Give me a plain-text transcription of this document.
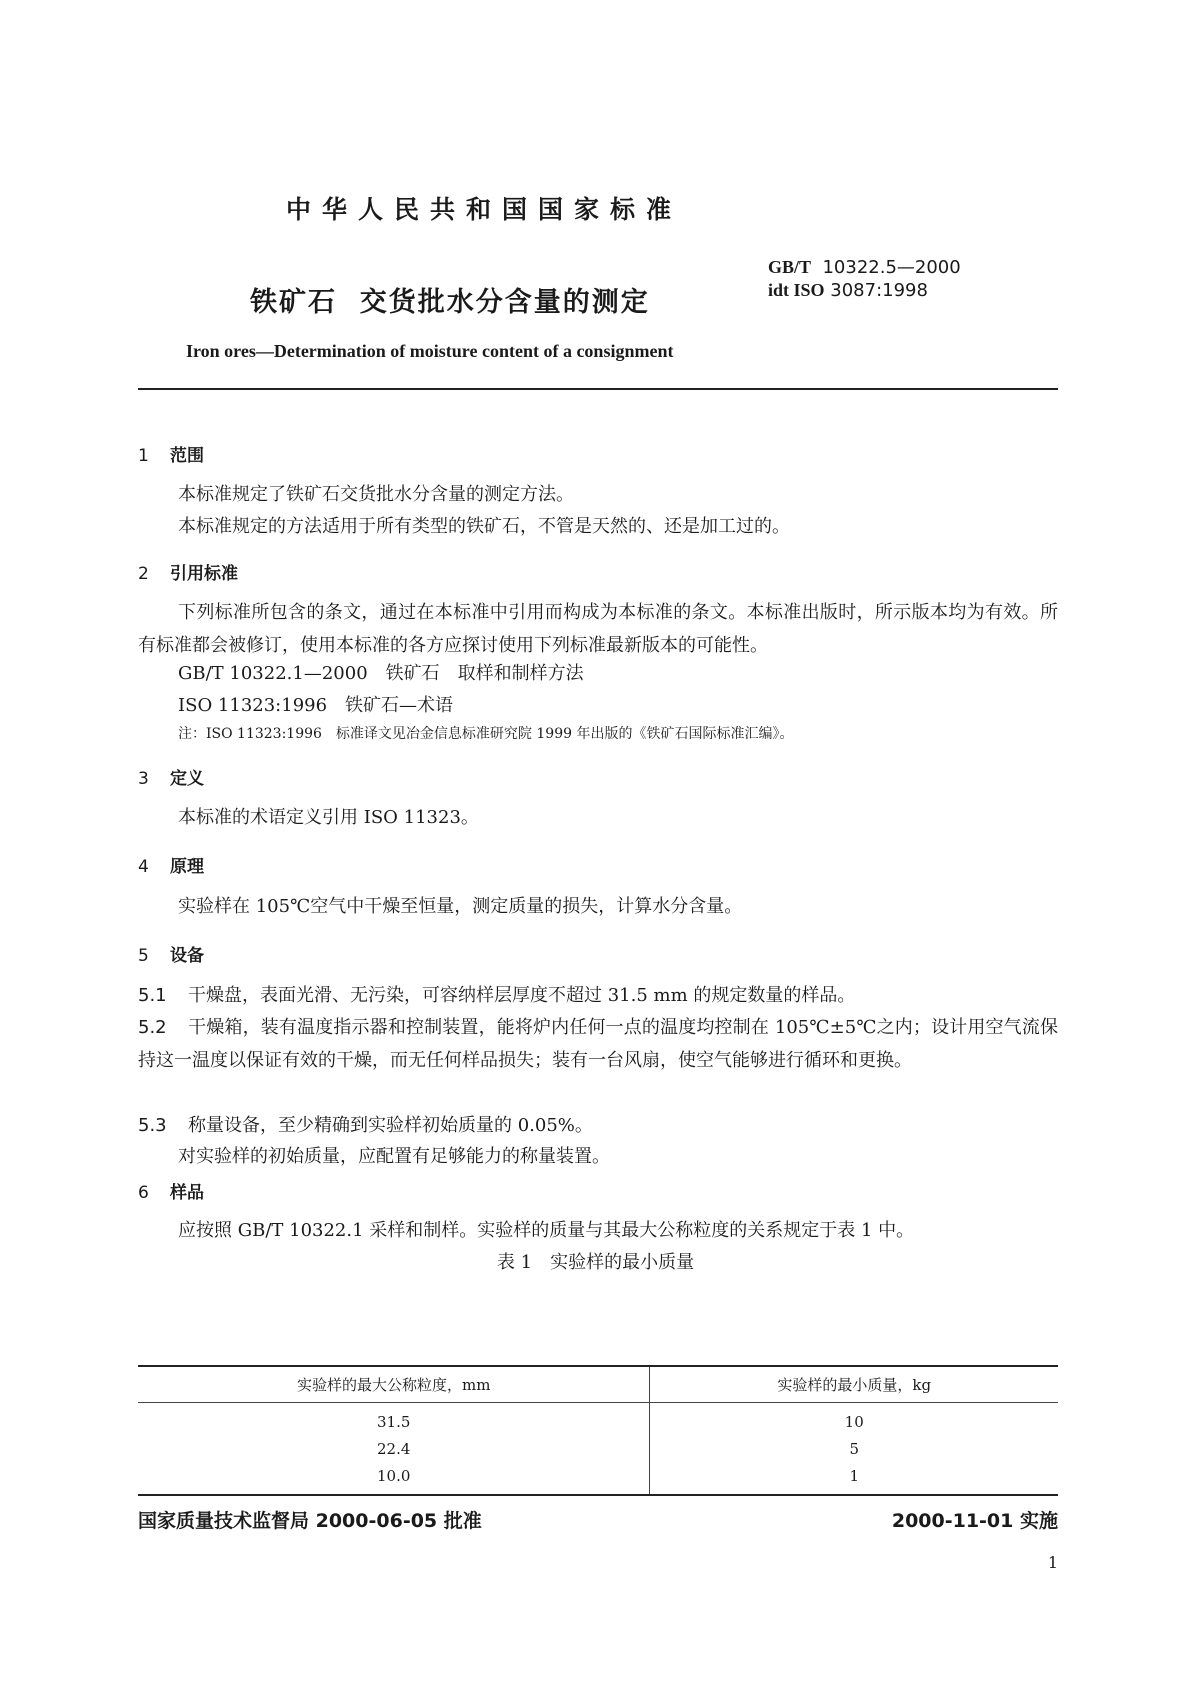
中华人民共和国国家标准
铁矿石  交货批水分含量的测定
GB/T 10322.5—2000
idt ISO 3087:1998
Iron ores—Determination of moisture content of a consignment
1 范围
本标准规定了铁矿石交货批水分含量的测定方法。
本标准规定的方法适用于所有类型的铁矿石，不管是天然的、还是加工过的。
2 引用标准
下列标准所包含的条文，通过在本标准中引用而构成为本标准的条文。本标准出版时，所示版本均为有效。所有标准都会被修订，使用本标准的各方应探讨使用下列标准最新版本的可能性。
GB/T 10322.1—2000　铁矿石　取样和制样方法
ISO 11323:1996　铁矿石—术语
注：ISO 11323:1996　标准译文见冶金信息标准研究院 1999 年出版的《铁矿石国际标准汇编》。
3 定义
本标准的术语定义引用 ISO 11323。
4 原理
实验样在 105℃空气中干燥至恒量，测定质量的损失，计算水分含量。
5 设备
5.1 干燥盘，表面光滑、无污染，可容纳样层厚度不超过 31.5 mm 的规定数量的样品。
5.2 干燥箱，装有温度指示器和控制装置，能将炉内任何一点的温度均控制在 105℃±5℃之内；设计用空气流保持这一温度以保证有效的干燥，而无任何样品损失；装有一台风扇，使空气能够进行循环和更换。
5.3 称量设备，至少精确到实验样初始质量的 0.05%。
对实验样的初始质量，应配置有足够能力的称量装置。
6 样品
应按照 GB/T 10322.1 采样和制样。实验样的质量与其最大公称粒度的关系规定于表 1 中。
表 1　实验样的最小质量
实验样的最大公称粒度，mm	实验样的最小质量，kg
31.5	10
22.4	5
10.0	1
国家质量技术监督局 2000-06-05 批准	2000-11-01 实施
1
